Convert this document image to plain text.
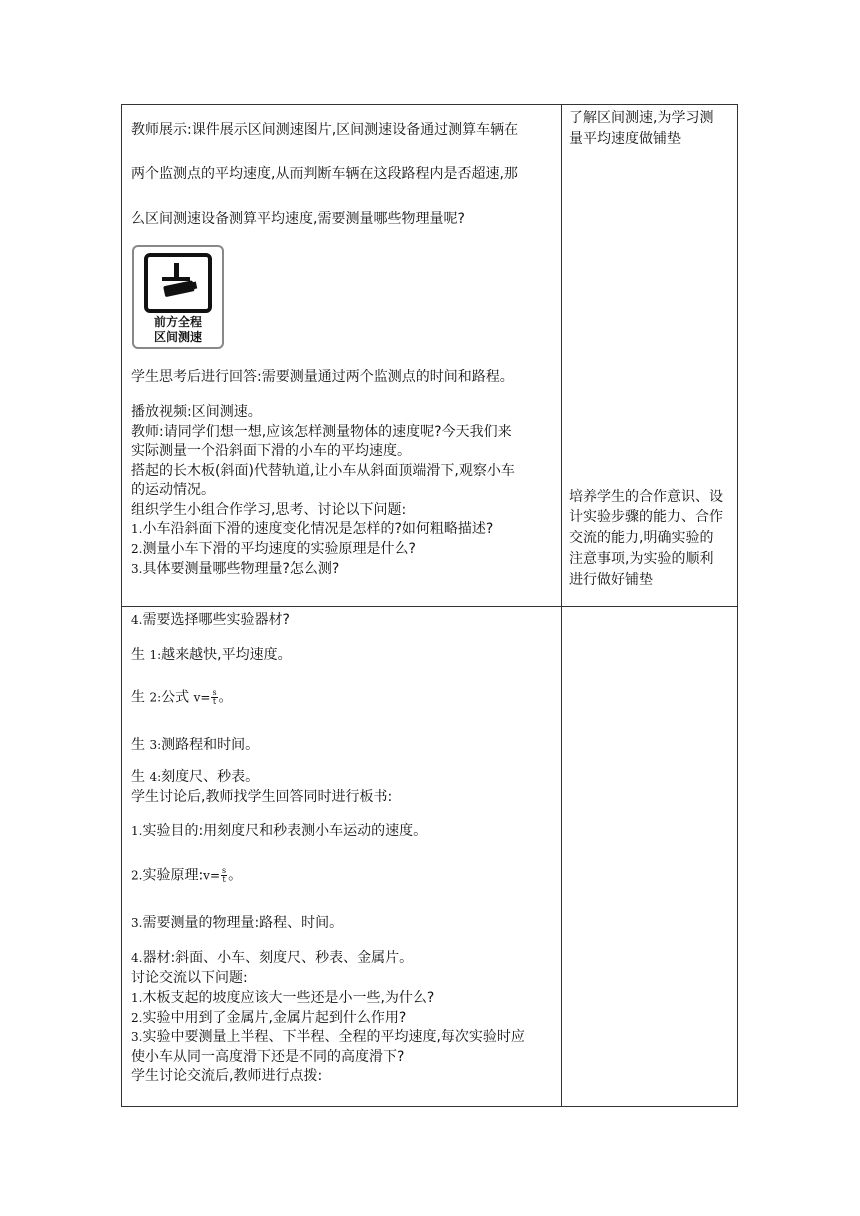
教师展示:课件展示区间测速图片,区间测速设备通过测算车辆在
两个监测点的平均速度,从而判断车辆在这段路程内是否超速,那
么区间测速设备测算平均速度,需要测量哪些物理量呢?
前方全程
区间测速
学生思考后进行回答:需要测量通过两个监测点的时间和路程。
播放视频:区间测速。
教师:请同学们想一想,应该怎样测量物体的速度呢?今天我们来
实际测量一个沿斜面下滑的小车的平均速度。
搭起的长木板(斜面)代替轨道,让小车从斜面顶端滑下,观察小车
的运动情况。
组织学生小组合作学习,思考、讨论以下问题:
1.小车沿斜面下滑的速度变化情况是怎样的?如何粗略描述?
2.测量小车下滑的平均速度的实验原理是什么?
3.具体要测量哪些物理量?怎么测?
了解区间测速,为学习测
量平均速度做铺垫
培养学生的合作意识、设
计实验步骤的能力、合作
交流的能力,明确实验的
注意事项,为实验的顺利
进行做好铺垫
4.需要选择哪些实验器材?
生 1:越来越快,平均速度。
生 2:公式 $v= \frac{s}{t}$ 。
生 3:测路程和时间。
生 4:刻度尺、秒表。
学生讨论后,教师找学生回答同时进行板书:
1.实验目的:用刻度尺和秒表测小车运动的速度。
2.实验原理:v= $\frac{s}{t}$ 。
3.需要测量的物理量:路程、时间。
4.器材:斜面、小车、刻度尺、秒表、金属片。
讨论交流以下问题:
1.木板支起的坡度应该大一些还是小一些,为什么?
2.实验中用到了金属片,金属片起到什么作用?
3.实验中要测量上半程、下半程、全程的平均速度,每次实验时应
使小车从同一高度滑下还是不同的高度滑下?
学生讨论交流后,教师进行点拨:
